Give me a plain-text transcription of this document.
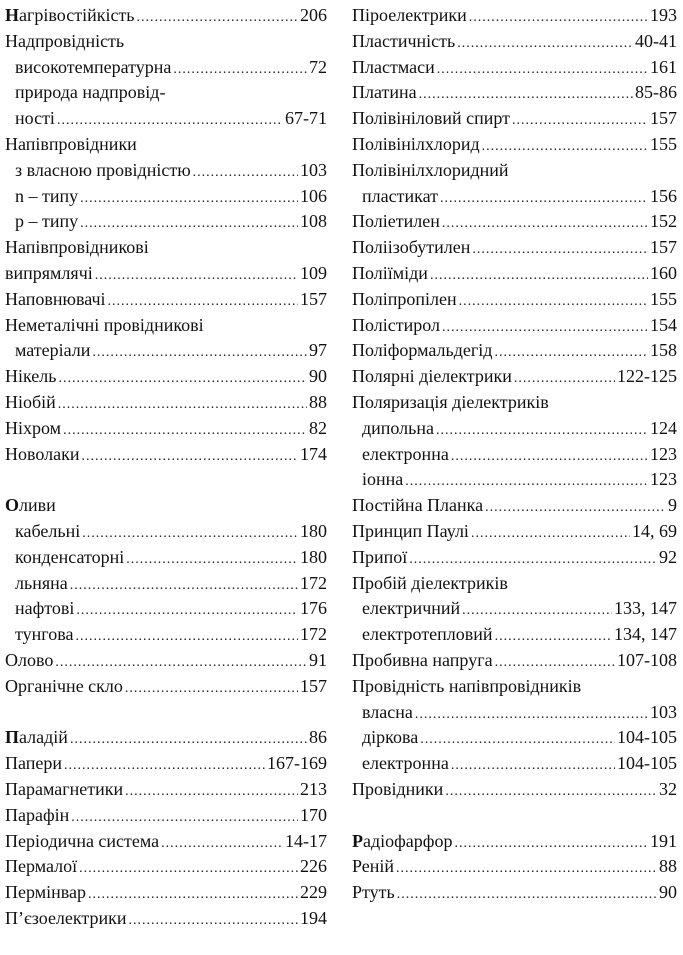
Нагрівостійкість .....	206
Надпровідність
високотемпературна .....	72
природа надпровід-
ності .....	67-71
Напівпровідники
з власною провідністю .....	103
n – типу .....	106
p – типу .....	108
Напівпровідникові
випрямлячі .....	109
Наповнювачі .....	157
Неметалічні провідникові
матеріали .....	97
Нікель .....	90
Ніобій .....	88
Ніхром .....	82
Новолаки .....	174
Оливи
кабельні .....	180
конденсаторні .....	180
льняна .....	172
нафтові .....	176
тунгова .....	172
Олово .....	91
Органічне скло .....	157
Паладій .....	86
Папери .....	167-169
Парамагнетики .....	213
Парафін .....	170
Періодична система .....	14-17
Пермалої .....	226
Пермінвар .....	229
П’єзоелектрики .....	194
Піроелектрики .....	193
Пластичність .....	40-41
Пластмаси .....	161
Платина .....	85-86
Полівініловий спирт .....	157
Полівінілхлорид .....	155
Полівінілхлоридний
пластикат .....	156
Поліетилен .....	152
Поліізобутилен .....	157
Поліїміди .....	160
Поліпропілен .....	155
Полістирол .....	154
Поліформальдегід .....	158
Полярні діелектрики .....	122-125
Поляризація діелектриків
дипольна .....	124
електронна .....	123
іонна .....	123
Постійна Планка .....	9
Принцип Паулі .....	14, 69
Припої .....	92
Пробій діелектриків
електричний .....	133, 147
електротепловий .....	134, 147
Пробивна напруга .....	107-108
Провідність напівпровідників
власна .....	103
діркова .....	104-105
електронна .....	104-105
Провідники .....	32
Радіофарфор .....	191
Реній .....	88
Ртуть .....	90
